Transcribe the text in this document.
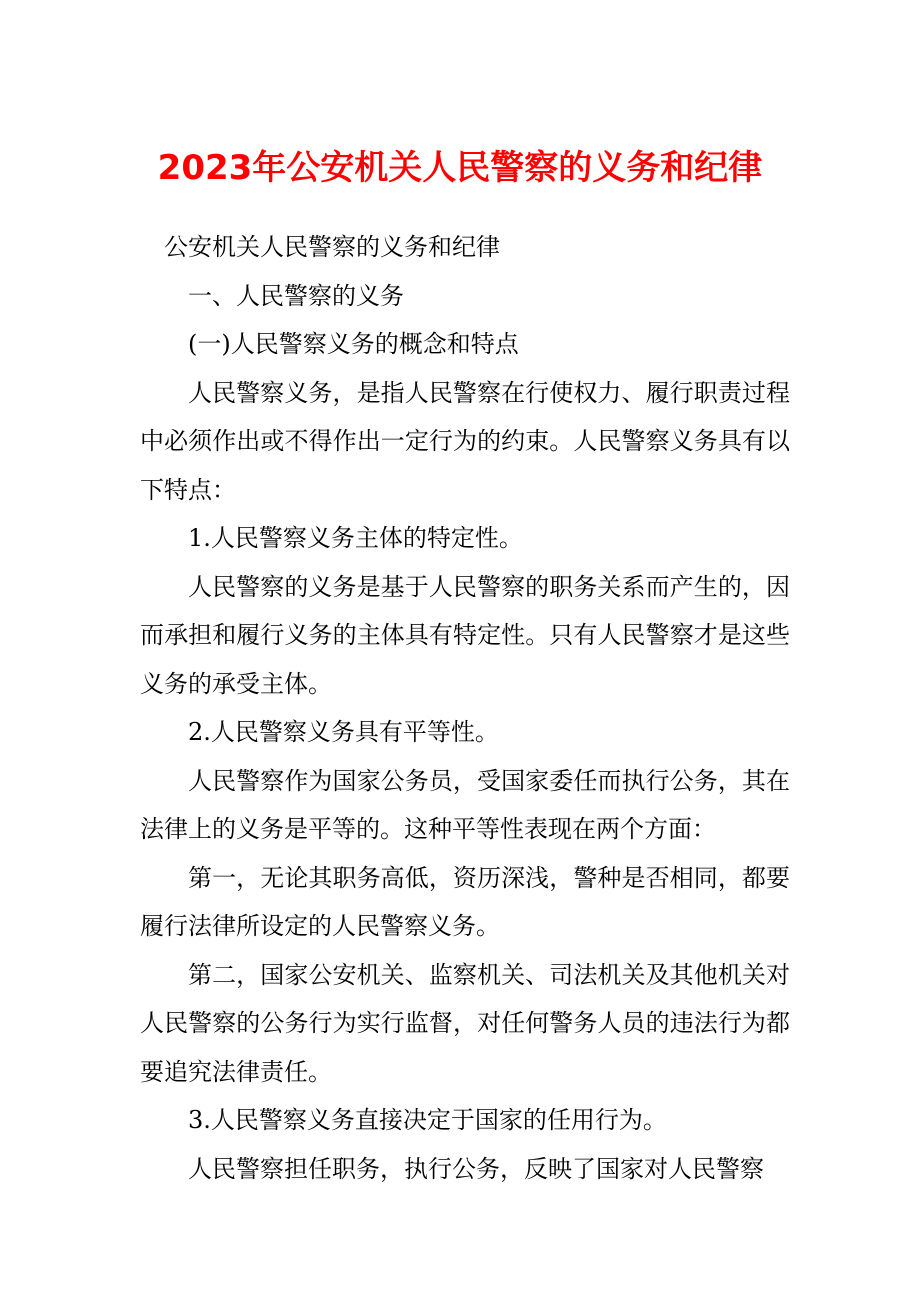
2023年公安机关人民警察的义务和纪律

公安机关人民警察的义务和纪律

一、人民警察的义务

(一)人民警察义务的概念和特点

人民警察义务，是指人民警察在行使权力、履行职责过程中必须作出或不得作出一定行为的约束。人民警察义务具有以下特点：

1.人民警察义务主体的特定性。

人民警察的义务是基于人民警察的职务关系而产生的，因而承担和履行义务的主体具有特定性。只有人民警察才是这些义务的承受主体。

2.人民警察义务具有平等性。

人民警察作为国家公务员，受国家委任而执行公务，其在法律上的义务是平等的。这种平等性表现在两个方面：

第一，无论其职务高低，资历深浅，警种是否相同，都要履行法律所设定的人民警察义务。

第二，国家公安机关、监察机关、司法机关及其他机关对人民警察的公务行为实行监督，对任何警务人员的违法行为都要追究法律责任。

3.人民警察义务直接决定于国家的任用行为。

人民警察担任职务，执行公务，反映了国家对人民警察
